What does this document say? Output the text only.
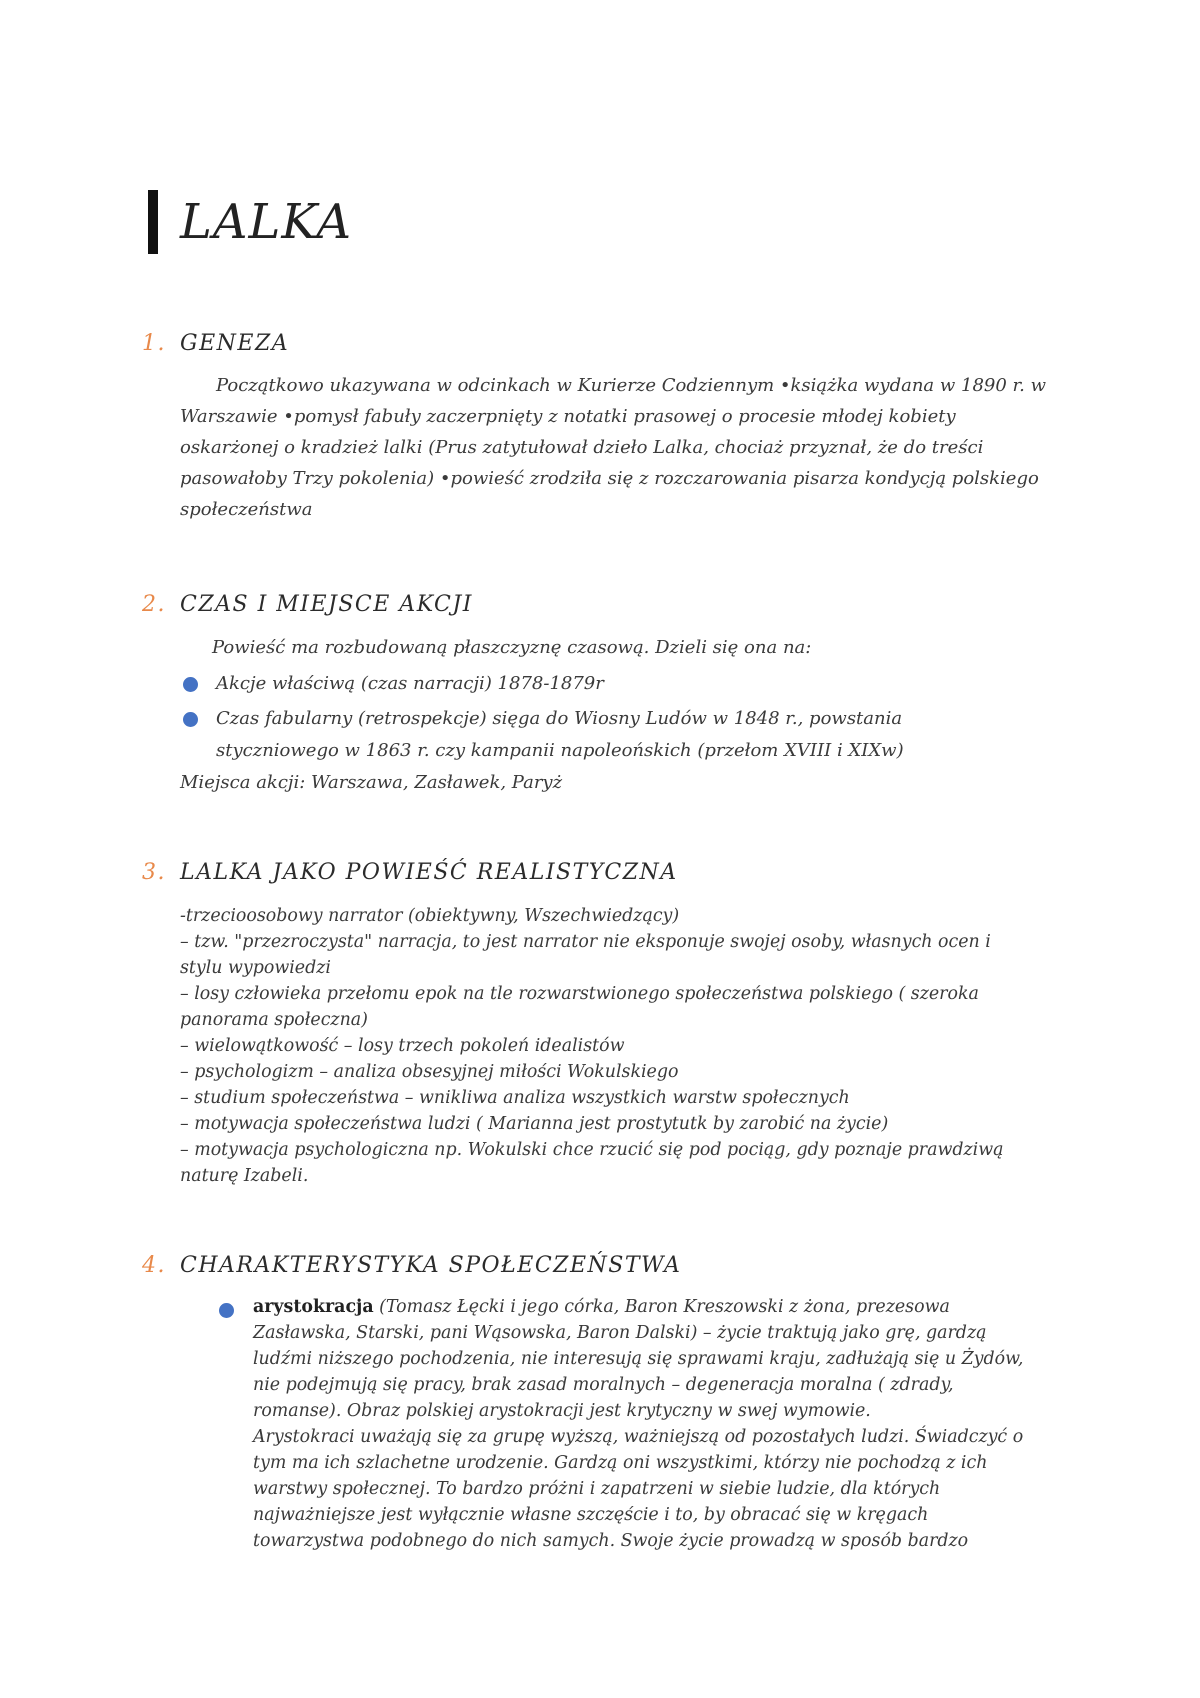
LALKA
1. GENEZA
Początkowo ukazywana w odcinkach w Kurierze Codziennym •książka wydana w 1890 r. w
Warszawie •pomysł fabuły zaczerpnięty z notatki prasowej o procesie młodej kobiety
oskarżonej o kradzież lalki (Prus zatytułował dzieło Lalka, chociaż przyznał, że do treści
pasowałoby Trzy pokolenia) •powieść zrodziła się z rozczarowania pisarza kondycją polskiego
społeczeństwa
2. CZAS I MIEJSCE AKCJI
Powieść ma rozbudowaną płaszczyznę czasową. Dzieli się ona na:
Akcje właściwą (czas narracji) 1878-1879r
Czas fabularny (retrospekcje) sięga do Wiosny Ludów w 1848 r., powstania
styczniowego w 1863 r. czy kampanii napoleońskich (przełom XVIII i XIXw)
Miejsca akcji: Warszawa, Zasławek, Paryż
3. LALKA JAKO POWIEŚĆ REALISTYCZNA
-trzecioosobowy narrator (obiektywny, Wszechwiedzący)
– tzw. "przezroczysta" narracja, to jest narrator nie eksponuje swojej osoby, własnych ocen i
stylu wypowiedzi
– losy człowieka przełomu epok na tle rozwarstwionego społeczeństwa polskiego ( szeroka
panorama społeczna)
– wielowątkowość – losy trzech pokoleń idealistów
– psychologizm – analiza obsesyjnej miłości Wokulskiego
– studium społeczeństwa – wnikliwa analiza wszystkich warstw społecznych
– motywacja społeczeństwa ludzi ( Marianna jest prostytutk by zarobić na życie)
– motywacja psychologiczna np. Wokulski chce rzucić się pod pociąg, gdy poznaje prawdziwą
naturę Izabeli.
4. CHARAKTERYSTYKA SPOŁECZEŃSTWA
arystokracja (Tomasz Łęcki i jego córka, Baron Kreszowski z żona, prezesowa
Zasławska, Starski, pani Wąsowska, Baron Dalski) – życie traktują jako grę, gardzą
ludźmi niższego pochodzenia, nie interesują się sprawami kraju, zadłużają się u Żydów,
nie podejmują się pracy, brak zasad moralnych – degeneracja moralna ( zdrady,
romanse). Obraz polskiej arystokracji jest krytyczny w swej wymowie.
Arystokraci uważają się za grupę wyższą, ważniejszą od pozostałych ludzi. Świadczyć o
tym ma ich szlachetne urodzenie. Gardzą oni wszystkimi, którzy nie pochodzą z ich
warstwy społecznej. To bardzo próżni i zapatrzeni w siebie ludzie, dla których
najważniejsze jest wyłącznie własne szczęście i to, by obracać się w kręgach
towarzystwa podobnego do nich samych. Swoje życie prowadzą w sposób bardzo
